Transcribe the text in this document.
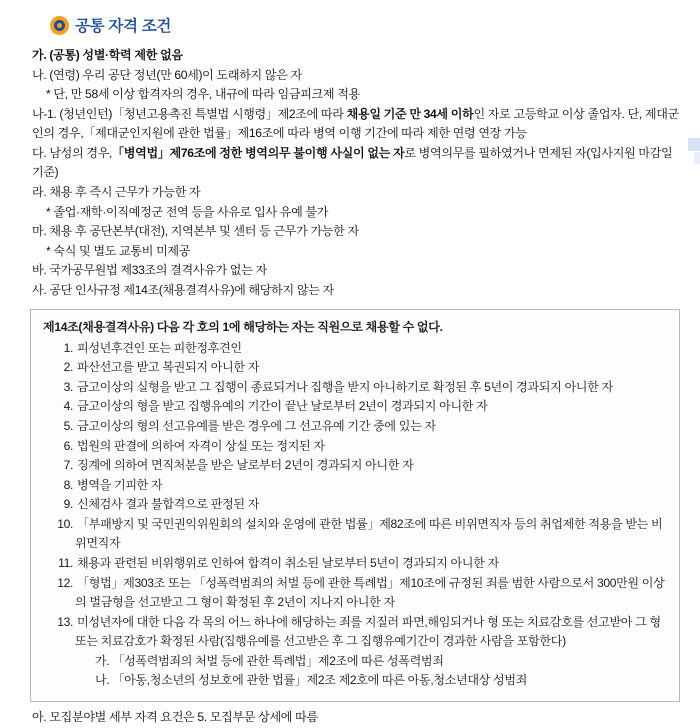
공통 자격 조건
가. (공통) 성별·학력 제한 없음
나. (연령) 우리 공단 정년(만 60세)이 도래하지 않은 자
* 단, 만 58세 이상 합격자의 경우, 내규에 따라 임금피크제 적용
나-1. (청년인턴)「청년고용촉진 특별법 시행령」제2조에 따라 채용일 기준 만 34세 이하인 자로 고등학교 이상 졸업자. 단, 제대군인의 경우,「제대군인지원에 관한 법률」제16조에 따라 병역 이행 기간에 따라 제한 연령 연장 가능
다. 남성의 경우,「병역법」제76조에 정한 병역의무 불이행 사실이 없는 자로 병역의무를 필하였거나 면제된 자(입사지원 마감일 기준)
라. 채용 후 즉시 근무가 가능한 자
* 졸업·재학·이직예정군 전역 등을 사유로 입사 유예 불가
마. 채용 후 공단본부(대전), 지역본부 및 센터 등 근무가 가능한 자
* 숙식 및 별도 교통비 미제공
바. 국가공무원법 제33조의 결격사유가 없는 자
사. 공단 인사규정 제14조(채용결격사유)에 해당하지 않는 자
제14조(채용결격사유) 다음 각 호의 1에 해당하는 자는 직원으로 채용할 수 없다.
1. 피성년후견인 또는 피한정후견인
2. 파산선고를 받고 복권되지 아니한 자
3. 금고이상의 실형을 받고 그 집행이 종료되거나 집행을 받지 아니하기로 확정된 후 5년이 경과되지 아니한 자
4. 금고이상의 형을 받고 집행유예의 기간이 끝난 날로부터 2년이 경과되지 아니한 자
5. 금고이상의 형의 선고유예를 받은 경우에 그 선고유예 기간 중에 있는 자
6. 법원의 판결에 의하여 자격이 상실 또는 정지된 자
7. 징계에 의하여 면직처분을 받은 날로부터 2년이 경과되지 아니한 자
8. 병역을 기피한 자
9. 신체검사 결과 불합격으로 판정된 자
10. 「부패방지 및 국민권익위원회의 설치와 운영에 관한 법률」제82조에 따른 비위면직자 등의 취업제한 적용을 받는 비위면직자
11. 채용과 관련된 비위행위로 인하여 합격이 취소된 날로부터 5년이 경과되지 아니한 자
12. 「형법」제303조 또는 「성폭력범죄의 처벌 등에 관한 특례법」제10조에 규정된 죄를 범한 사람으로서 300만원 이상의 벌금형을 선고받고 그 형이 확정된 후 2년이 지나지 아니한 자
13. 미성년자에 대한 다음 각 목의 어느 하나에 해당하는 죄를 지질러 파면,해임되거나 형 또는 치료감호를 선고받아 그 형 또는 치료감호가 확정된 사람(집행유예를 선고받은 후 그 집행유예기간이 경과한 사람을 포함한다)
가. 「성폭력범죄의 처벌 등에 관한 특례법」제2조에 따른 성폭력범죄
나. 「아동,청소년의 성보호에 관한 법률」제2조 제2호에 따른 아동,청소년대상 성범죄
아. 모집분야별 세부 자격 요건은 5. 모집부문 상세에 따름
